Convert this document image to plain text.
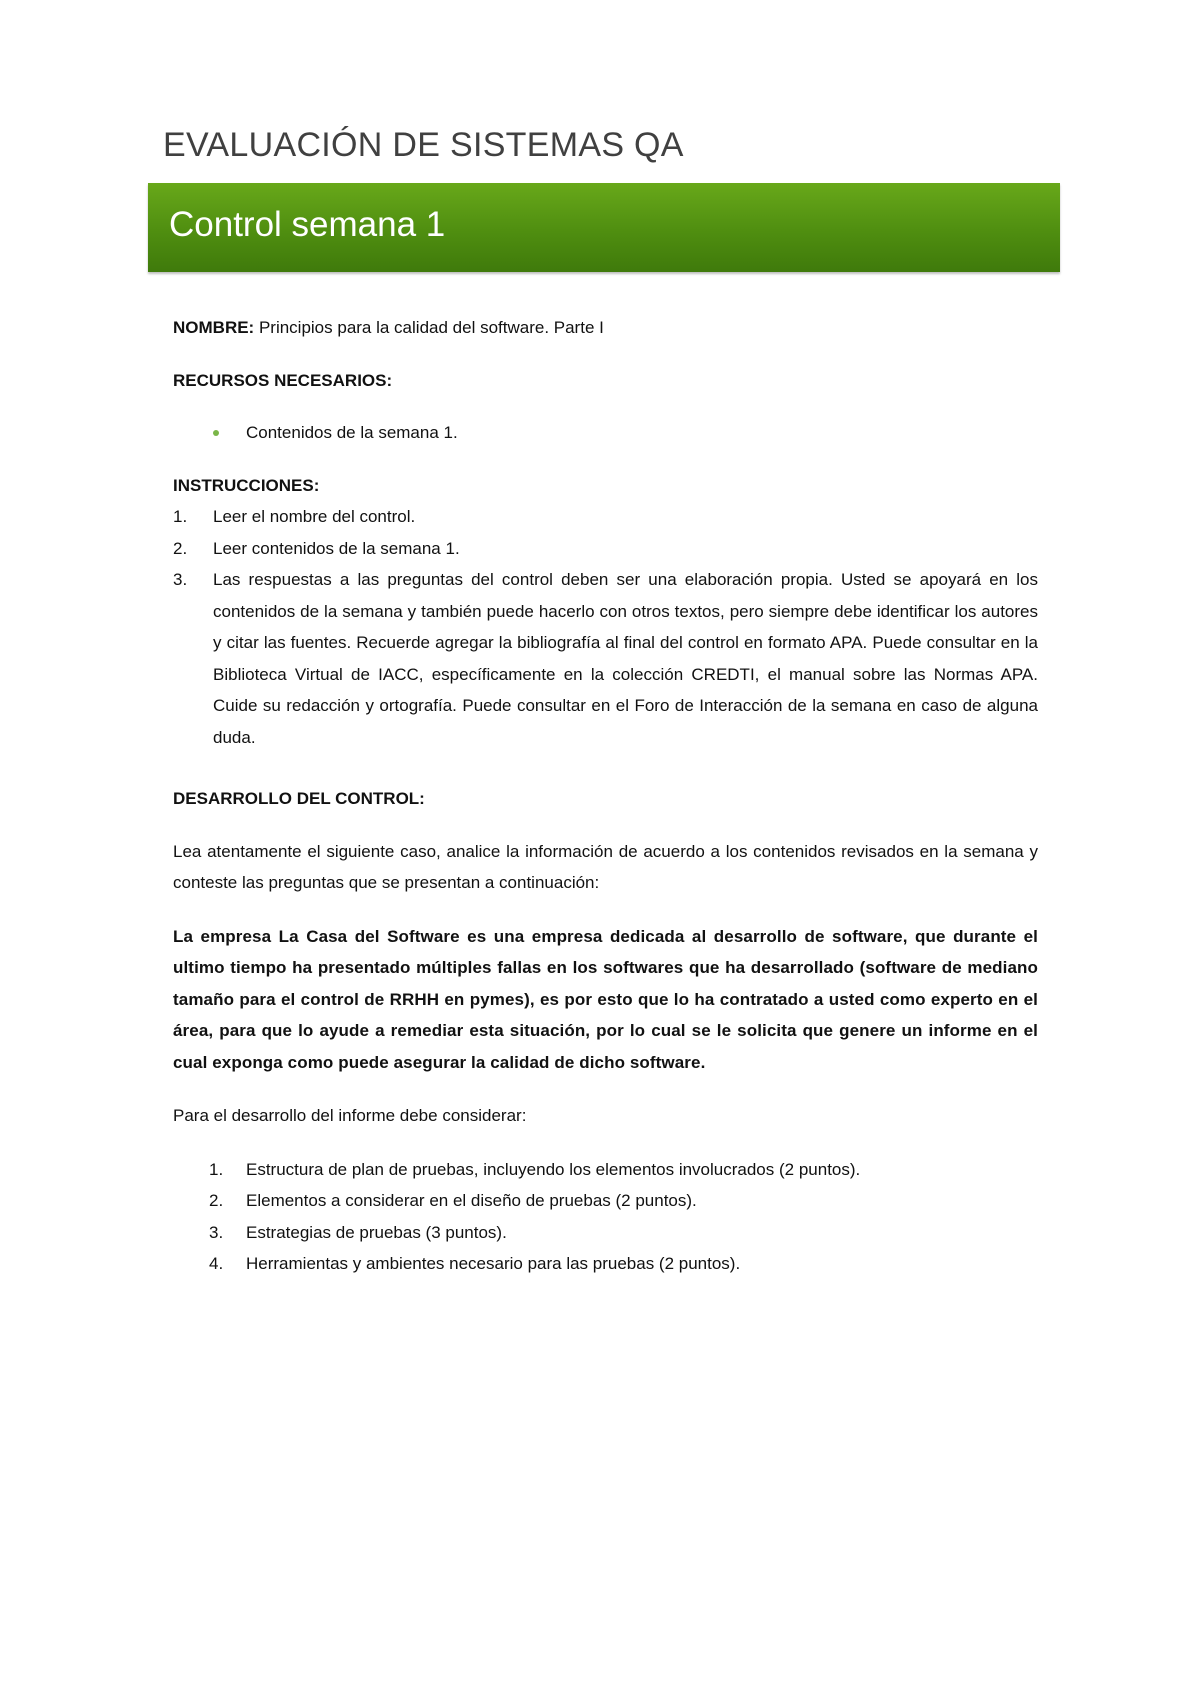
EVALUACIÓN DE SISTEMAS QA
Control semana 1

NOMBRE: Principios para la calidad del software. Parte I

RECURSOS NECESARIOS:

Contenidos de la semana 1.

INSTRUCCIONES:

1. Leer el nombre del control.
2. Leer contenidos de la semana 1.
3. Las respuestas a las preguntas del control deben ser una elaboración propia. Usted se apoyará en los contenidos de la semana y también puede hacerlo con otros textos, pero siempre debe identificar los autores y citar las fuentes. Recuerde agregar la bibliografía al final del control en formato APA. Puede consultar en la Biblioteca Virtual de IACC, específicamente en la colección CREDTI, el manual sobre las Normas APA. Cuide su redacción y ortografía. Puede consultar en el Foro de Interacción de la semana en caso de alguna duda.

DESARROLLO DEL CONTROL:

Lea atentamente el siguiente caso, analice la información de acuerdo a los contenidos revisados en la semana y conteste las preguntas que se presentan a continuación:

La empresa La Casa del Software es una empresa dedicada al desarrollo de software, que durante el ultimo tiempo ha presentado múltiples fallas en los softwares que ha desarrollado (software de mediano tamaño para el control de RRHH en pymes), es por esto que lo ha contratado a usted como experto en el área, para que lo ayude a remediar esta situación, por lo cual se le solicita que genere un informe en el cual exponga como puede asegurar la calidad de dicho software.

Para el desarrollo del informe debe considerar:

1. Estructura de plan de pruebas, incluyendo los elementos involucrados (2 puntos).
2. Elementos a considerar en el diseño de pruebas (2 puntos).
3. Estrategias de pruebas (3 puntos).
4. Herramientas y ambientes necesario para las pruebas (2 puntos).
